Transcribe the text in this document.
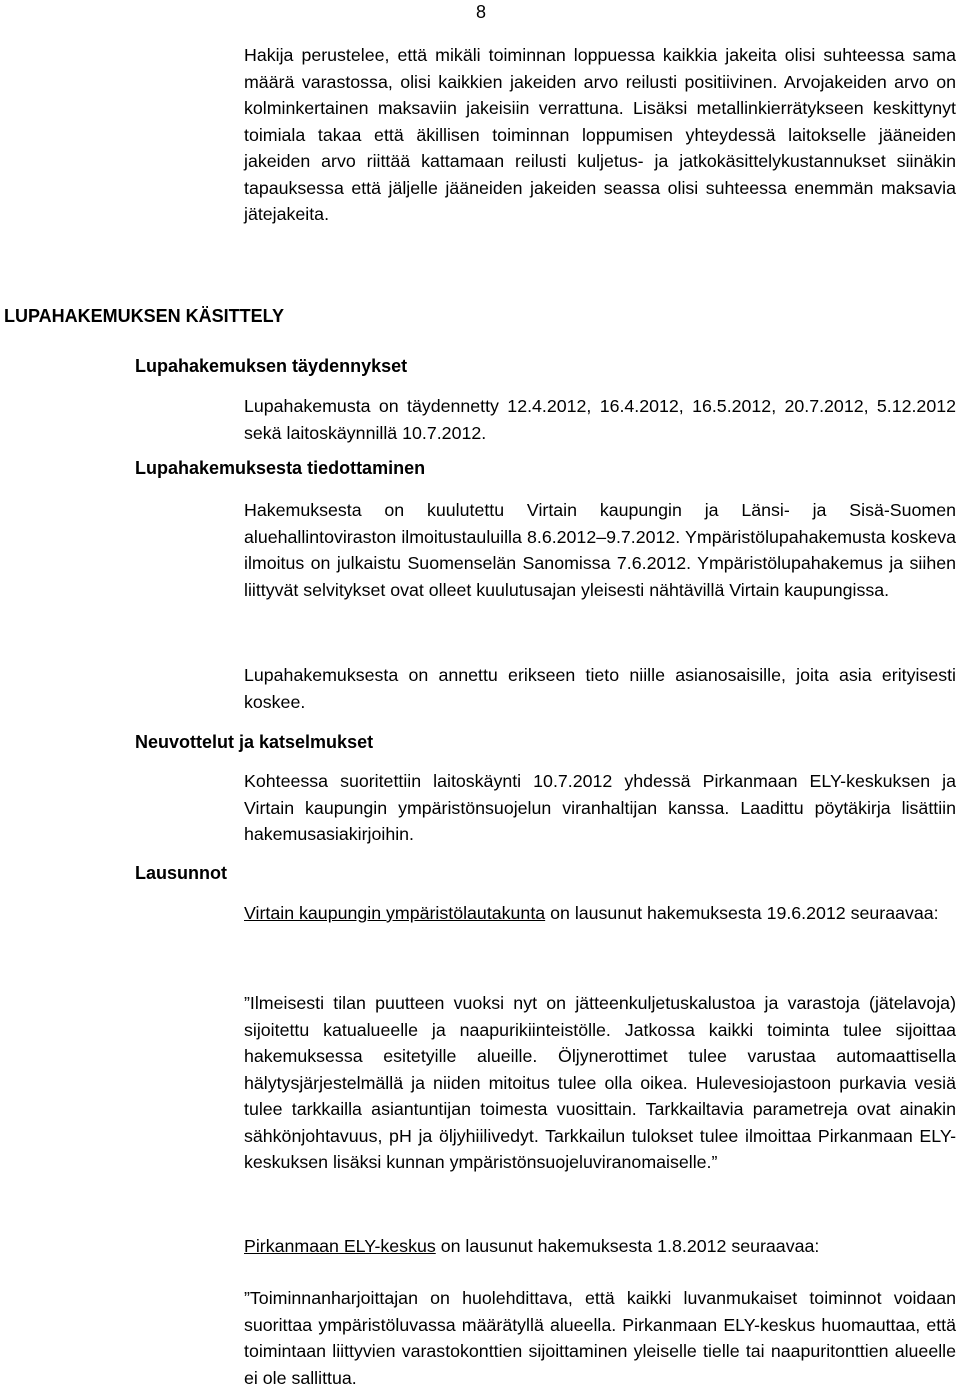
8

Hakija perustelee, että mikäli toiminnan loppuessa kaikkia jakeita olisi suhteessa sama määrä varastossa, olisi kaikkien jakeiden arvo reilusti positiivinen. Arvojakeiden arvo on kolminkertainen maksaviin jakeisiin verrattuna. Lisäksi metallinkierrätykseen keskittynyt toimiala takaa että äkillisen toiminnan loppumisen yhteydessä laitokselle jääneiden jakeiden arvo riittää kattamaan reilusti kuljetus- ja jatkokäsittelykustannukset siinäkin tapauksessa että jäljelle jääneiden jakeiden seassa olisi suhteessa enemmän maksavia jätejakeita.

LUPAHAKEMUKSEN KÄSITTELY
Lupahakemuksen täydennykset

Lupahakemusta on täydennetty 12.4.2012, 16.4.2012, 16.5.2012, 20.7.2012, 5.12.2012 sekä laitoskäynnillä 10.7.2012.

Lupahakemuksesta tiedottaminen

Hakemuksesta on kuulutettu Virtain kaupungin ja Länsi- ja Sisä-Suomen aluehallintoviraston ilmoitustauluilla 8.6.2012–9.7.2012. Ympäristölupahakemusta koskeva ilmoitus on julkaistu Suomenselän Sanomissa 7.6.2012. Ympäristölupahakemus ja siihen liittyvät selvitykset ovat olleet kuulutusajan yleisesti nähtävillä Virtain kaupungissa.

Lupahakemuksesta on annettu erikseen tieto niille asianosaisille, joita asia erityisesti koskee.

Neuvottelut ja katselmukset

Kohteessa suoritettiin laitoskäynti 10.7.2012 yhdessä Pirkanmaan ELY-keskuksen ja Virtain kaupungin ympäristönsuojelun viranhaltijan kanssa. Laadittu pöytäkirja lisättiin hakemusasiakirjoihin.

Lausunnot

Virtain kaupungin ympäristölautakunta on lausunut hakemuksesta 19.6.2012 seuraavaa:

”Ilmeisesti tilan puutteen vuoksi nyt on jätteenkuljetuskalustoa ja varastoja (jätelavoja) sijoitettu katualueelle ja naapurikiinteistölle. Jatkossa kaikki toiminta tulee sijoittaa hakemuksessa esitetyille alueille. Öljynerottimet tulee varustaa automaattisella hälytysjärjestelmällä ja niiden mitoitus tulee olla oikea. Hulevesiojastoon purkavia vesiä tulee tarkkailla asiantuntijan toimesta vuosittain. Tarkkailtavia parametreja ovat ainakin sähkönjohtavuus, pH ja öljyhiilivedyt. Tarkkailun tulokset tulee ilmoittaa Pirkanmaan ELY-keskuksen lisäksi kunnan ympäristönsuojeluviranomaiselle.”

Pirkanmaan ELY-keskus on lausunut hakemuksesta 1.8.2012 seuraavaa:

”Toiminnanharjoittajan on huolehdittava, että kaikki luvanmukaiset toiminnot voidaan suorittaa ympäristöluvassa määrätyllä alueella. Pirkanmaan ELY-keskus huomauttaa, että toimintaan liittyvien varastokonttien sijoittaminen yleiselle tielle tai naapuritonttien alueelle ei ole sallittua.
